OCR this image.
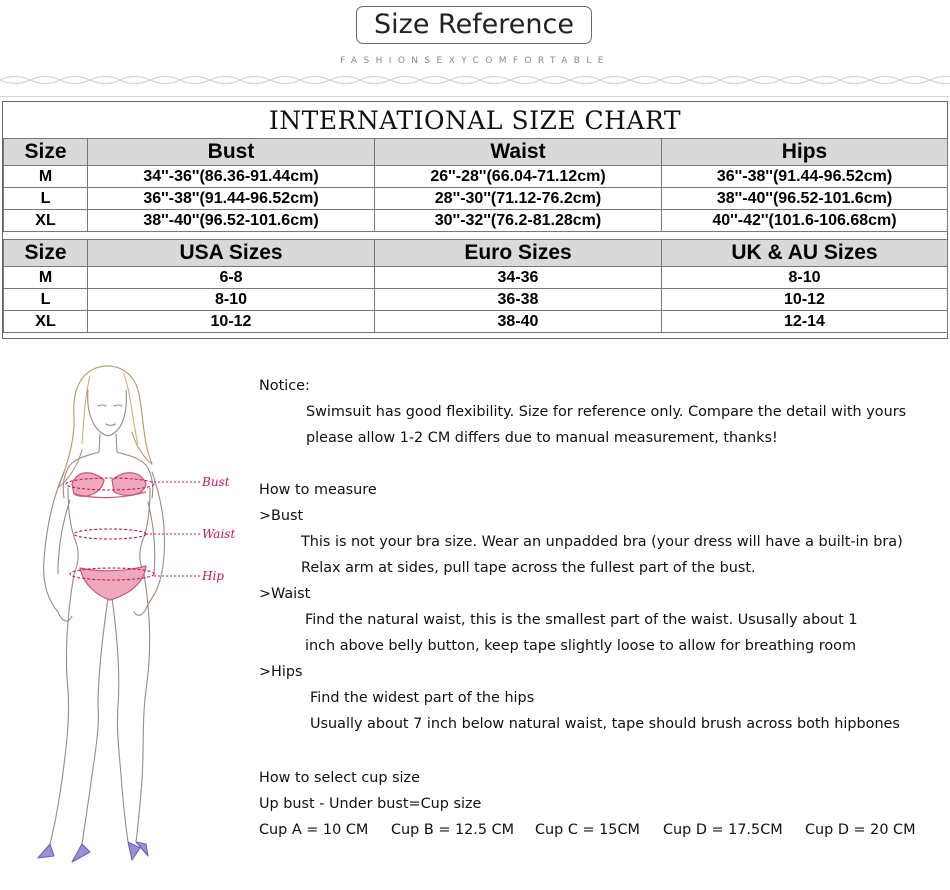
Size Reference
FASHIONSEXYCOMFORTABLE
INTERNATIONAL SIZE CHART
Size	Bust	Waist	Hips
M	34''-36''(86.36-91.44cm)	26''-28''(66.04-71.12cm)	36''-38''(91.44-96.52cm)
L	36''-38''(91.44-96.52cm)	28''-30''(71.12-76.2cm)	38''-40''(96.52-101.6cm)
XL	38''-40''(96.52-101.6cm)	30''-32''(76.2-81.28cm)	40''-42''(101.6-106.68cm)
Size	USA Sizes	Euro Sizes	UK & AU Sizes
M	6-8	34-36	8-10
L	8-10	36-38	10-12
XL	10-12	38-40	12-14
Bust
Waist
Hip
Notice:
Swimsuit has good flexibility. Size for reference only. Compare the detail with yours
please allow 1-2 CM differs due to manual measurement, thanks!
How to measure
>Bust
This is not your bra size. Wear an unpadded bra (your dress will have a built-in bra)
Relax arm at sides, pull tape across the fullest part of the bust.
>Waist
Find the natural waist, this is the smallest part of the waist. Ususally about 1
inch above belly button, keep tape slightly loose to allow for breathing room
>Hips
Find the widest part of the hips
Usually about 7 inch below natural waist, tape should brush across both hipbones
How to select cup size
Up bust - Under bust=Cup size
Cup A = 10 CM Cup B = 12.5 CM Cup C = 15CM Cup D = 17.5CM Cup D = 20 CM
